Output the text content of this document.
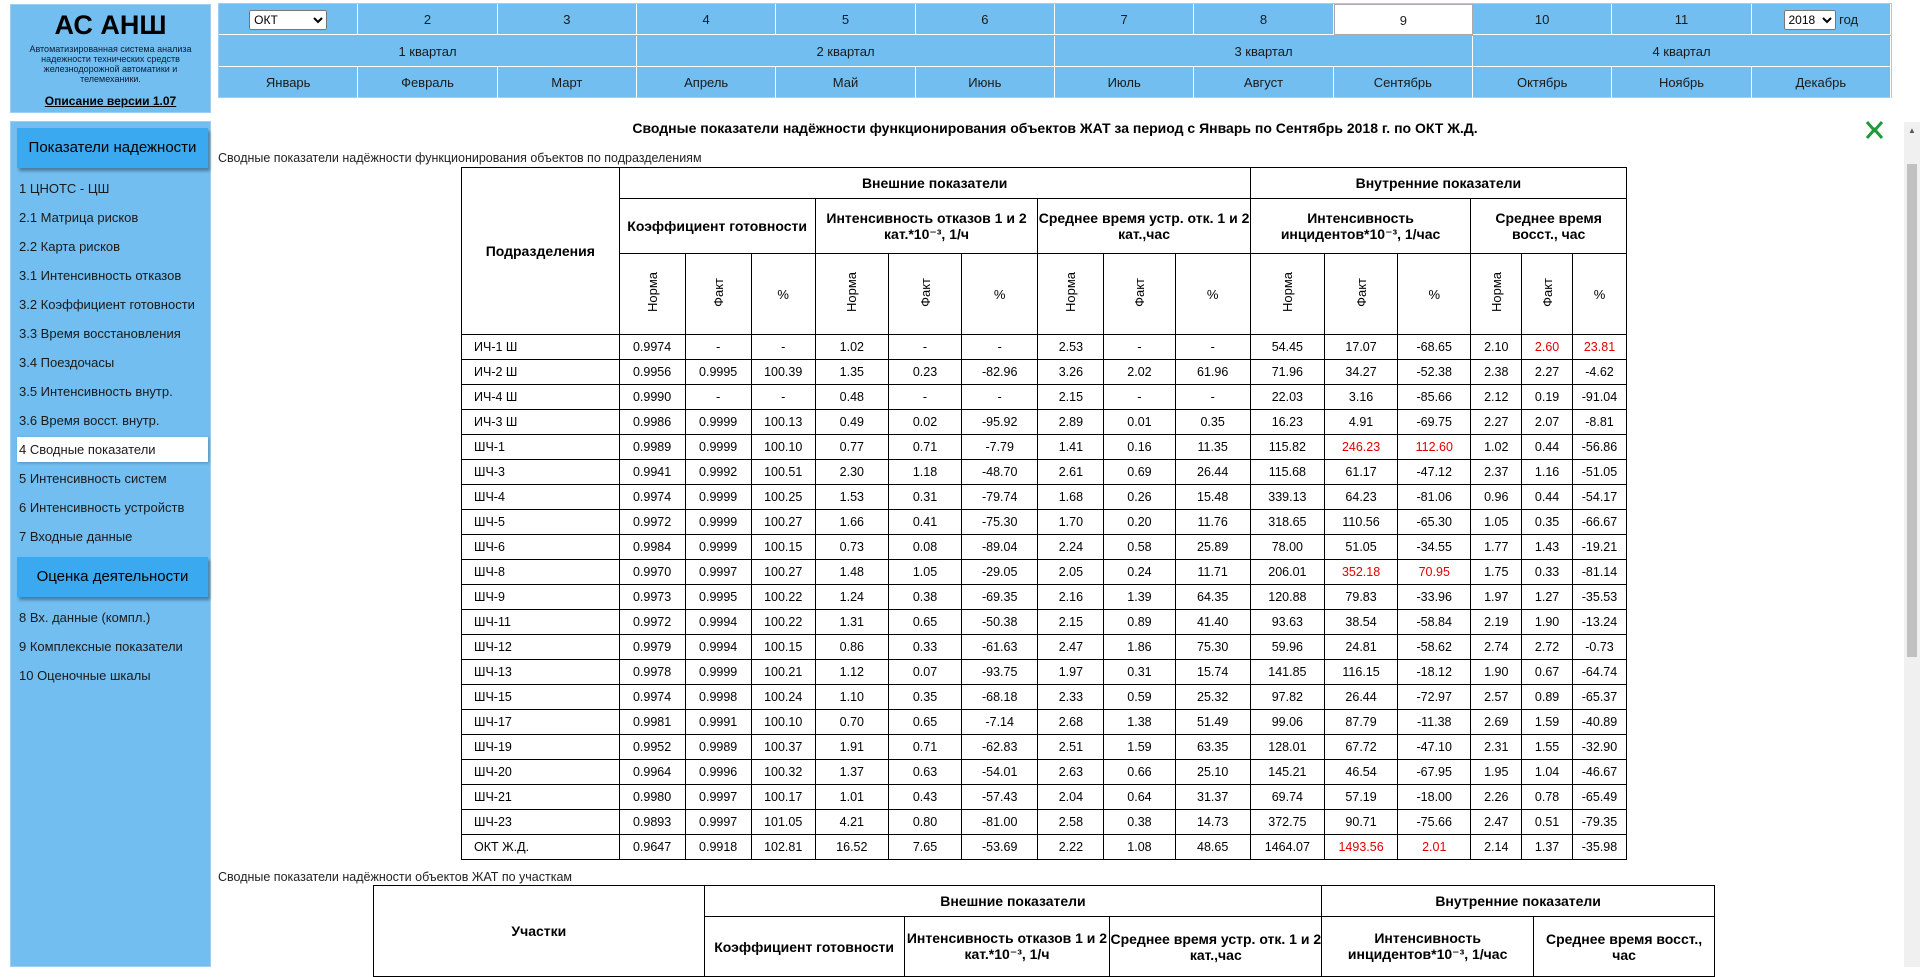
АС АНШ
Автоматизированная система анализа надежности технических средств железнодорожной автоматики и телемеханики.
Описание версии 1.07
Показатели надежности
1 ЦНОТС - ЦШ
2.1 Матрица рисков
2.2 Карта рисков
3.1 Интенсивность отказов
3.2 Коэффициент готовности
3.3 Время восстановления
3.4 Поездочасы
3.5 Интенсивность внутр.
3.6 Время восст. внутр.
4 Сводные показатели
5 Интенсивность систем
6 Интенсивность устройств
7 Входные данные
Оценка деятельности
8 Вх. данные (компл.)
9 Комплексные показатели
10 Оценочные шкалы
ОКТ
2	3	4	5	6	7	8	9	10	11
2018	год
1 квартал	2 квартал	3 квартал	4 квартал
Январь	Февраль	Март	Апрель	Май	Июнь	Июль	Август	Сентябрь	Октябрь	Ноябрь	Декабрь
Сводные показатели надёжности функционирования объектов ЖАТ за период с Январь по Сентябрь 2018 г. по ОКТ Ж.Д.
Сводные показатели надёжности функционирования объектов по подразделениям
Подразделения	Внешние показатели									Внутренние показатели					
	Коэффициент готовности			Интенсивность отказов 1 и 2 кат.*10⁻³, 1/ч			Среднее время устр. отк. 1 и 2 кат.,час			Интенсивность инцидентов*10⁻³, 1/час			Среднее время восст., час		
	Норма	Факт	%	Норма	Факт	%	Норма	Факт	%	Норма	Факт	%	Норма	Факт	%
ИЧ-1 Ш	0.9974	-	-	1.02	-	-	2.53	-	-	54.45	17.07	-68.65	2.10	2.60	23.81
ИЧ-2 Ш	0.9956	0.9995	100.39	1.35	0.23	-82.96	3.26	2.02	61.96	71.96	34.27	-52.38	2.38	2.27	-4.62
ИЧ-4 Ш	0.9990	-	-	0.48	-	-	2.15	-	-	22.03	3.16	-85.66	2.12	0.19	-91.04
ИЧ-3 Ш	0.9986	0.9999	100.13	0.49	0.02	-95.92	2.89	0.01	0.35	16.23	4.91	-69.75	2.27	2.07	-8.81
ШЧ-1	0.9989	0.9999	100.10	0.77	0.71	-7.79	1.41	0.16	11.35	115.82	246.23	112.60	1.02	0.44	-56.86
ШЧ-3	0.9941	0.9992	100.51	2.30	1.18	-48.70	2.61	0.69	26.44	115.68	61.17	-47.12	2.37	1.16	-51.05
ШЧ-4	0.9974	0.9999	100.25	1.53	0.31	-79.74	1.68	0.26	15.48	339.13	64.23	-81.06	0.96	0.44	-54.17
ШЧ-5	0.9972	0.9999	100.27	1.66	0.41	-75.30	1.70	0.20	11.76	318.65	110.56	-65.30	1.05	0.35	-66.67
ШЧ-6	0.9984	0.9999	100.15	0.73	0.08	-89.04	2.24	0.58	25.89	78.00	51.05	-34.55	1.77	1.43	-19.21
ШЧ-8	0.9970	0.9997	100.27	1.48	1.05	-29.05	2.05	0.24	11.71	206.01	352.18	70.95	1.75	0.33	-81.14
ШЧ-9	0.9973	0.9995	100.22	1.24	0.38	-69.35	2.16	1.39	64.35	120.88	79.83	-33.96	1.97	1.27	-35.53
ШЧ-11	0.9972	0.9994	100.22	1.31	0.65	-50.38	2.15	0.89	41.40	93.63	38.54	-58.84	2.19	1.90	-13.24
ШЧ-12	0.9979	0.9994	100.15	0.86	0.33	-61.63	2.47	1.86	75.30	59.96	24.81	-58.62	2.74	2.72	-0.73
ШЧ-13	0.9978	0.9999	100.21	1.12	0.07	-93.75	1.97	0.31	15.74	141.85	116.15	-18.12	1.90	0.67	-64.74
ШЧ-15	0.9974	0.9998	100.24	1.10	0.35	-68.18	2.33	0.59	25.32	97.82	26.44	-72.97	2.57	0.89	-65.37
ШЧ-17	0.9981	0.9991	100.10	0.70	0.65	-7.14	2.68	1.38	51.49	99.06	87.79	-11.38	2.69	1.59	-40.89
ШЧ-19	0.9952	0.9989	100.37	1.91	0.71	-62.83	2.51	1.59	63.35	128.01	67.72	-47.10	2.31	1.55	-32.90
ШЧ-20	0.9964	0.9996	100.32	1.37	0.63	-54.01	2.63	0.66	25.10	145.21	46.54	-67.95	1.95	1.04	-46.67
ШЧ-21	0.9980	0.9997	100.17	1.01	0.43	-57.43	2.04	0.64	31.37	69.74	57.19	-18.00	2.26	0.78	-65.49
ШЧ-23	0.9893	0.9997	101.05	4.21	0.80	-81.00	2.58	0.38	14.73	372.75	90.71	-75.66	2.47	0.51	-79.35
ОКТ Ж.Д.	0.9647	0.9918	102.81	16.52	7.65	-53.69	2.22	1.08	48.65	1464.07	1493.56	2.01	2.14	1.37	-35.98
Сводные показатели надёжности объектов ЖАТ по участкам
Участки	Внешние показатели			Внутренние показатели	
	Коэффициент готовности	Интенсивность отказов 1 и 2 кат.*10⁻³, 1/ч	Среднее время устр. отк. 1 и 2 кат.,час	Интенсивность инцидентов*10⁻³, 1/час	Среднее время восст., час
▲
